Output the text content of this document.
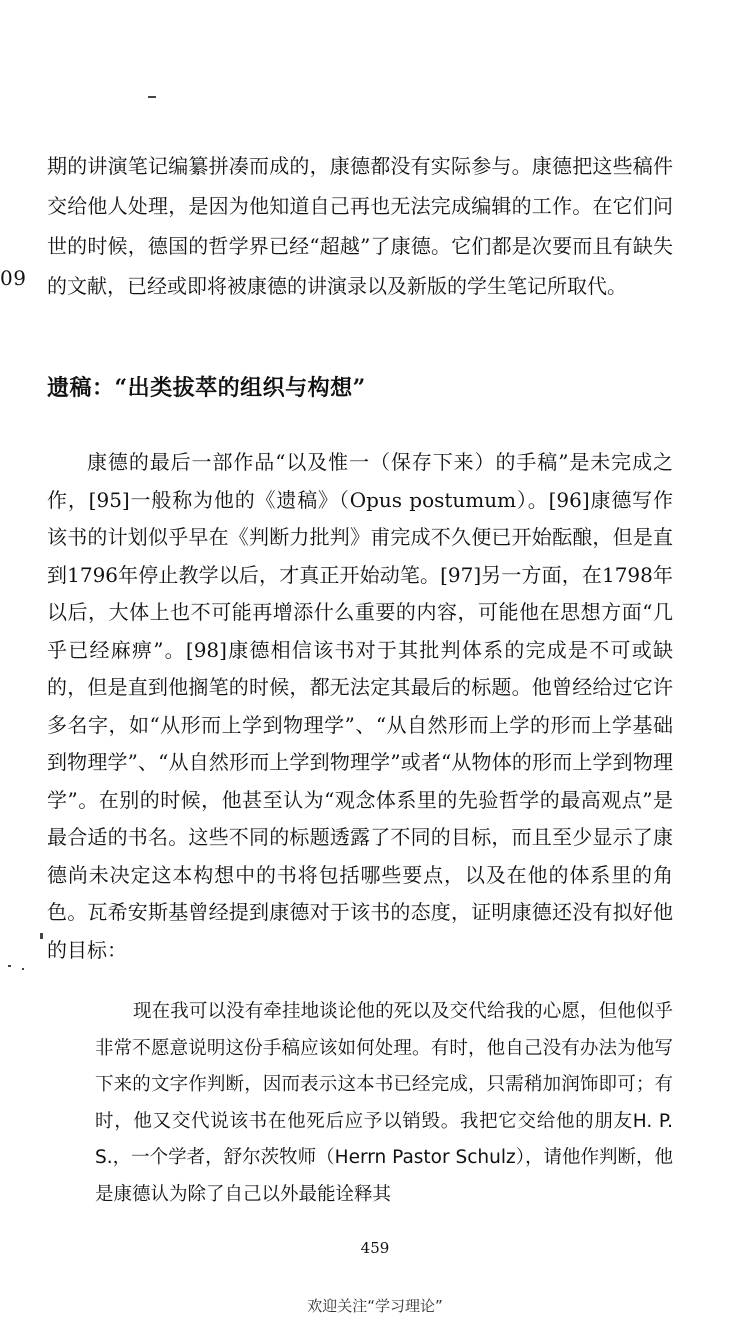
09

期的讲演笔记编纂拼凑而成的，康德都没有实际参与。康德把这些稿件交给他人处理，是因为他知道自己再也无法完成编辑的工作。在它们问世的时候，德国的哲学界已经“超越”了康德。它们都是次要而且有缺失的文献，已经或即将被康德的讲演录以及新版的学生笔记所取代。

遗稿：“出类拔萃的组织与构想”

康德的最后一部作品“以及惟一（保存下来）的手稿”是未完成之作，[95]一般称为他的《遗稿》（Opus postumum）。[96]康德写作该书的计划似乎早在《判断力批判》甫完成不久便已开始酝酿，但是直到1796年停止教学以后，才真正开始动笔。[97]另一方面，在1798年以后，大体上也不可能再增添什么重要的内容，可能他在思想方面“几乎已经麻痹”。[98]康德相信该书对于其批判体系的完成是不可或缺的，但是直到他搁笔的时候，都无法定其最后的标题。他曾经给过它许多名字，如“从形而上学到物理学”、“从自然形而上学的形而上学基础到物理学”、“从自然形而上学到物理学”或者“从物体的形而上学到物理学”。在别的时候，他甚至认为“观念体系里的先验哲学的最高观点”是最合适的书名。这些不同的标题透露了不同的目标，而且至少显示了康德尚未决定这本构想中的书将包括哪些要点，以及在他的体系里的角色。瓦希安斯基曾经提到康德对于该书的态度，证明康德还没有拟好他的目标：

现在我可以没有牵挂地谈论他的死以及交代给我的心愿，但他似乎非常不愿意说明这份手稿应该如何处理。有时，他自己没有办法为他写下来的文字作判断，因而表示这本书已经完成，只需稍加润饰即可；有时，他又交代说该书在他死后应予以销毁。我把它交给他的朋友H. P. S.，一个学者，舒尔茨牧师（Herrn Pastor Schulz），请他作判断，他是康德认为除了自己以外最能诠释其

459
欢迎关注“学习理论”
